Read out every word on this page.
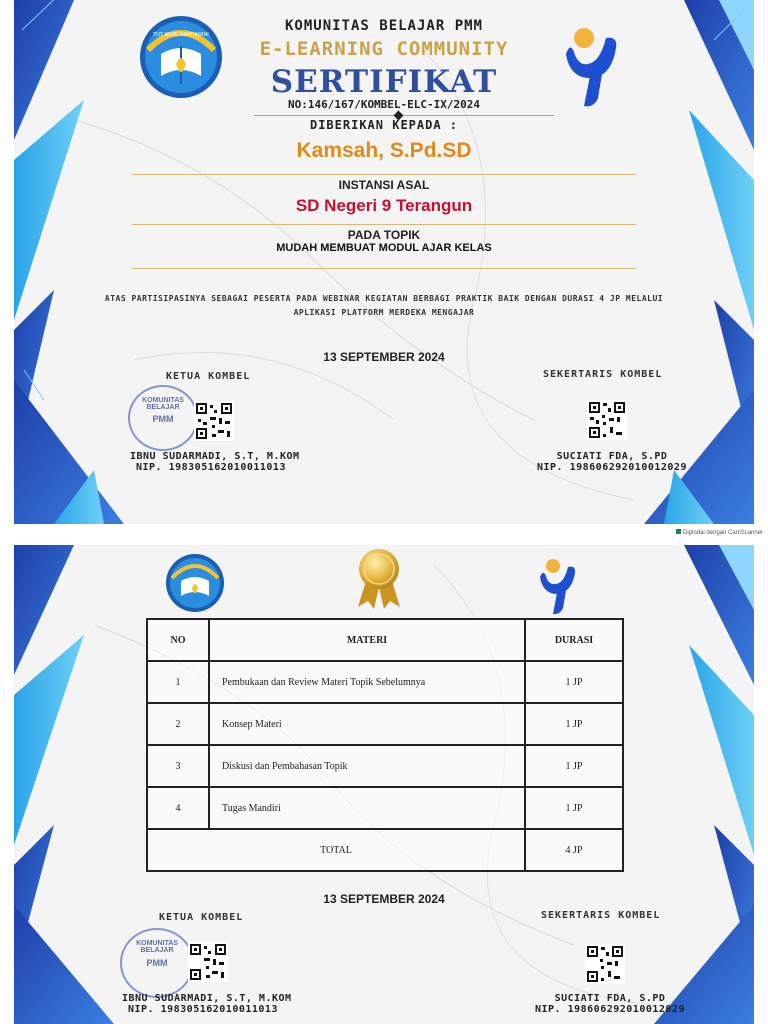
TUT WURI HANDAYANI
KOMUNITAS BELAJAR PMM
E-LEARNING COMMUNITY
SERTIFIKAT
NO:146/167/KOMBEL-ELC-IX/2024
DIBERIKAN KEPADA :
Kamsah, S.Pd.SD
INSTANSI ASAL
SD Negeri 9 Terangun
PADA TOPIK
MUDAH MEMBUAT MODUL AJAR KELAS
ATAS PARTISIPASINYA SEBAGAI PESERTA PADA WEBINAR KEGIATAN BERBAGI PRAKTIK BAIK DENGAN DURASI 4 JP MELALUI
APLIKASI PLATFORM MERDEKA MENGAJAR
13 SEPTEMBER 2024
KETUA KOMBEL	SEKERTARIS KOMBEL
KOMUNITAS BELAJAR
PMM
IBNU SUDARMADI, S.T, M.KOM
NIP. 198305162010011013
SUCIATI FDA, S.PD
NIP. 198606292010012029
Dipindai dengan CamScanner
NO	MATERI	DURASI
1	Pembukaan dan Review Materi Topik Sebelumnya	1 JP
2	Konsep Materi	1 JP
3	Diskusi dan Pembahasan Topik	1 JP
4	Tugas Mandiri	1 JP
TOTAL		4 JP
13 SEPTEMBER 2024
KETUA KOMBEL	SEKERTARIS KOMBEL
KOMUNITAS BELAJAR
PMM
IBNU SUDARMADI, S.T, M.KOM
NIP. 198305162010011013
SUCIATI FDA, S.PD
NIP. 198606292010012029
